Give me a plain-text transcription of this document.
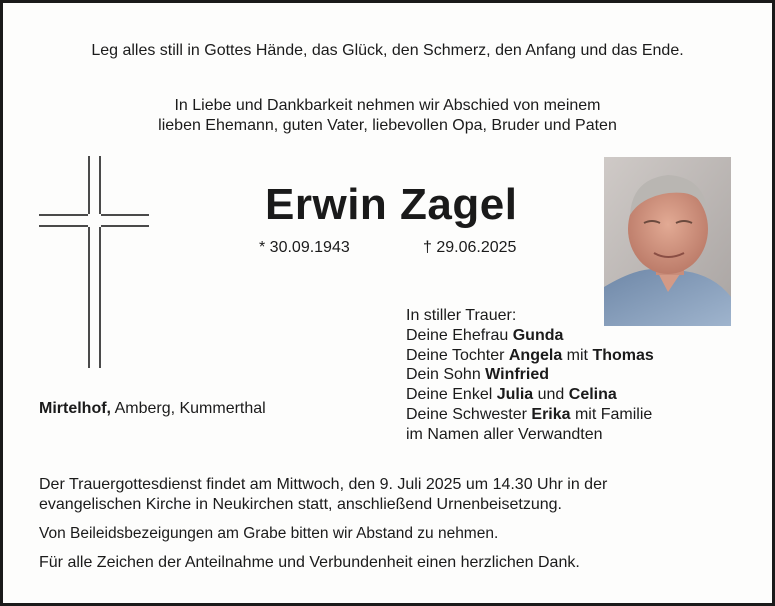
Leg alles still in Gottes Hände, das Glück, den Schmerz, den Anfang und das Ende.
In Liebe und Dankbarkeit nehmen wir Abschied von meinem
lieben Ehemann, guten Vater, liebevollen Opa, Bruder und Paten
Erwin Zagel
* 30.09.1943	† 29.06.2025
Mirtelhof, Amberg, Kummerthal
In stiller Trauer:
Deine Ehefrau Gunda
Deine Tochter Angela mit Thomas
Dein Sohn Winfried
Deine Enkel Julia und Celina
Deine Schwester Erika mit Familie
im Namen aller Verwandten
Der Trauergottesdienst findet am Mittwoch, den 9. Juli 2025 um 14.30 Uhr in der
evangelischen Kirche in Neukirchen statt, anschließend Urnenbeisetzung.
Von Beileidsbezeigungen am Grabe bitten wir Abstand zu nehmen.
Für alle Zeichen der Anteilnahme und Verbundenheit einen herzlichen Dank.
